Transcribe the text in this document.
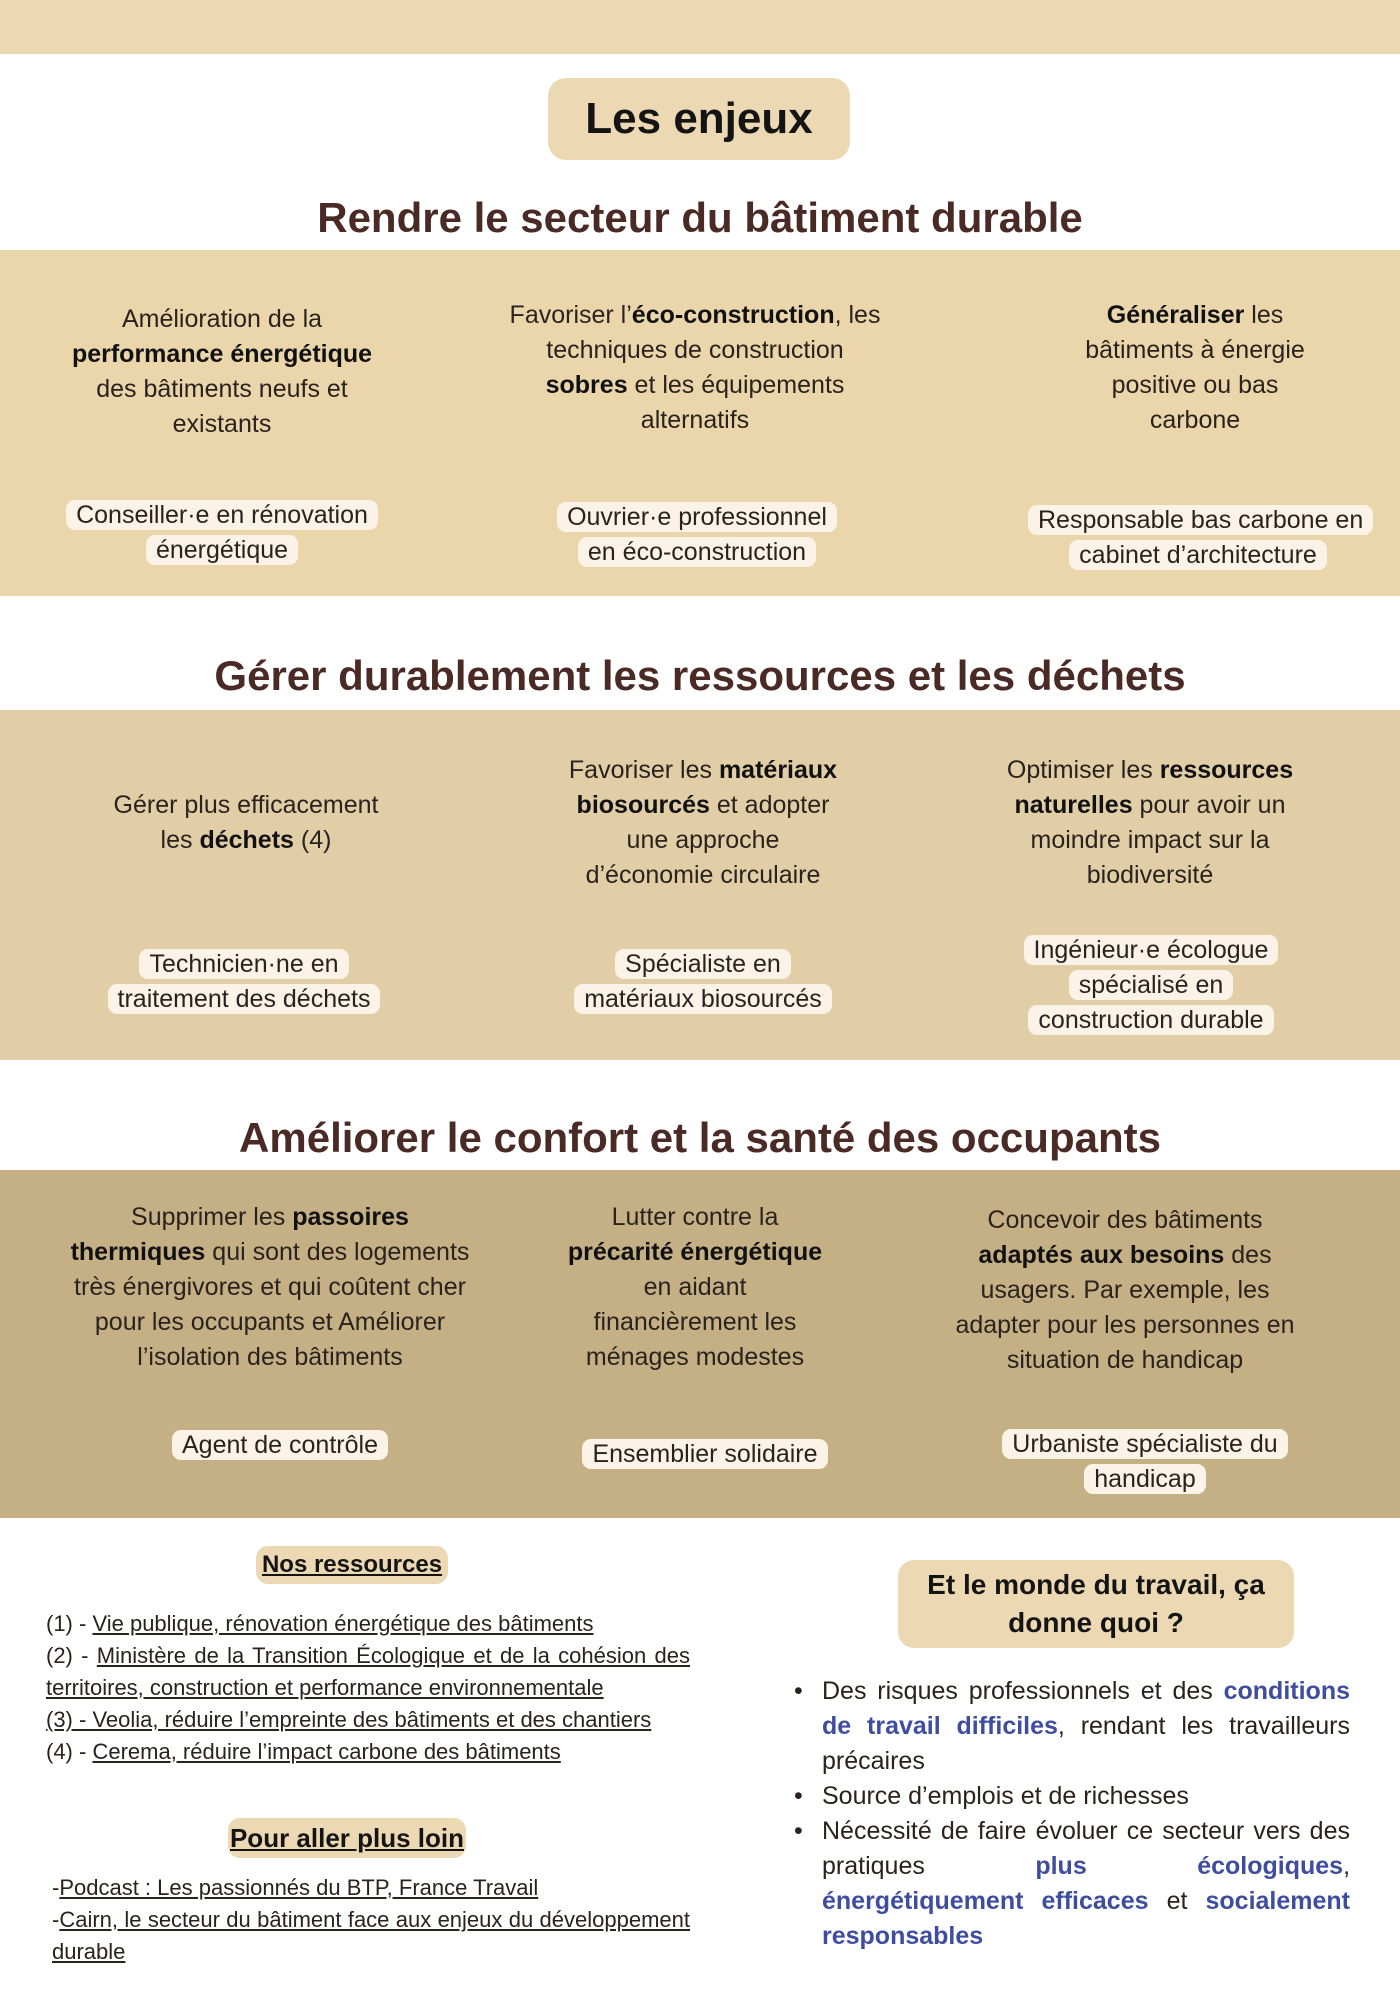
Les enjeux
Rendre le secteur du bâtiment durable

Amélioration de la performance énergétique des bâtiments neufs et existants

Favoriser l’éco-construction, les techniques de construction sobres et les équipements alternatifs

Généraliser les bâtiments à énergie positive ou bas carbone

Conseiller·e en rénovation énergétique
Ouvrier·e professionnel en éco-construction
Responsable bas carbone en cabinet d’architecture
Gérer durablement les ressources et les déchets

Gérer plus efficacement les déchets (4)

Favoriser les matériaux biosourcés et adopter une approche d’économie circulaire

Optimiser les ressources naturelles pour avoir un moindre impact sur la biodiversité

Technicien·ne en traitement des déchets
Spécialiste en matériaux biosourcés
Ingénieur·e écologue spécialisé en construction durable
Améliorer le confort et la santé des occupants

Supprimer les passoires thermiques qui sont des logements très énergivores et qui coûtent cher pour les occupants et Améliorer l’isolation des bâtiments

Lutter contre la précarité énergétique en aidant financièrement les ménages modestes

Concevoir des bâtiments adaptés aux besoins des usagers. Par exemple, les adapter pour les personnes en situation de handicap

Agent de contrôle	Ensemblier solidaire	Urbaniste spécialiste du handicap
Nos ressources

(1) - Vie publique, rénovation énergétique des bâtiments

(2) - Ministère de la Transition Écologique et de la cohésion des territoires, construction et performance environnementale

(3) - Veolia, réduire l’empreinte des bâtiments et des chantiers

(4) - Cerema, réduire l’impact carbone des bâtiments

Pour aller plus loin

-Podcast : Les passionnés du BTP, France Travail

-Cairn, le secteur du bâtiment face aux enjeux du développement durable

Et le monde du travail, ça donne quoi ?
• Des risques professionnels et des conditions de travail difficiles, rendant les travailleurs précaires
• Source d’emplois et de richesses
• Nécessité de faire évoluer ce secteur vers des pratiques plus écologiques, énergétiquement efficaces et socialement responsables
